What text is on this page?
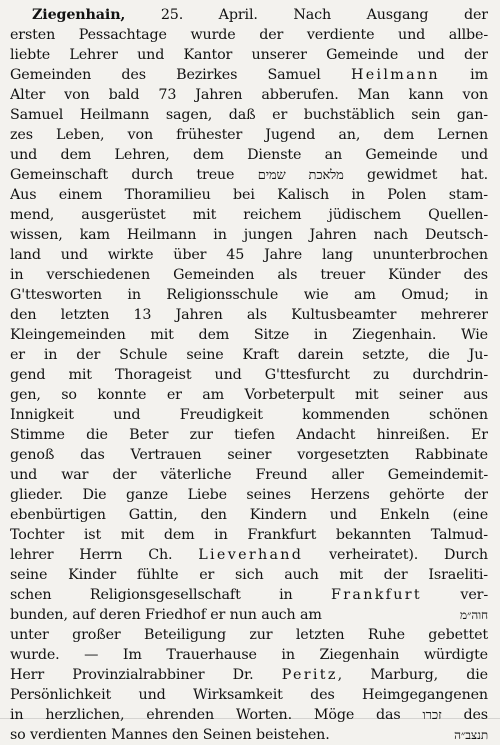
Ziegenhain, 25. April. Nach Ausgang der
ersten Pessachtage wurde der verdiente und allbe-
liebte Lehrer und Kantor unserer Gemeinde und der
Gemeinden des Bezirkes Samuel Heilmann im
Alter von bald 73 Jahren abberufen. Man kann von
Samuel Heilmann sagen, daß er buchstäblich sein gan-
zes Leben, von frühester Jugend an, dem Lernen
und dem Lehren, dem Dienste an Gemeinde und
Gemeinschaft durch treue מלאכת שמים gewidmet hat.
Aus einem Thoramilieu bei Kalisch in Polen stam-
mend, ausgerüstet mit reichem jüdischem Quellen-
wissen, kam Heilmann in jungen Jahren nach Deutsch-
land und wirkte über 45 Jahre lang ununterbrochen
in verschiedenen Gemeinden als treuer Künder des
G'ttesworten in Religionsschule wie am Omud; in
den letzten 13 Jahren als Kultusbeamter mehrerer
Kleingemeinden mit dem Sitze in Ziegenhain. Wie
er in der Schule seine Kraft darein setzte, die Ju-
gend mit Thorageist und G'ttesfurcht zu durchdrin-
gen, so konnte er am Vorbeterpult mit seiner aus
Innigkeit und Freudigkeit kommenden schönen
Stimme die Beter zur tiefen Andacht hinreißen. Er
genoß das Vertrauen seiner vorgesetzten Rabbinate
und war der väterliche Freund aller Gemeindemit-
glieder. Die ganze Liebe seines Herzens gehörte der
ebenbürtigen Gattin, den Kindern und Enkeln (eine
Tochter ist mit dem in Frankfurt bekannten Talmud-
lehrer Herrn Ch. Lieverhand verheiratet). Durch
seine Kinder fühlte er sich auch mit der Israeliti-
schen Religionsgesellschaft in Frankfurt ver-
bunden, auf deren Friedhof er nun auch am	חוה״מ
unter großer Beteiligung zur letzten Ruhe gebettet
wurde. — Im Trauerhause in Ziegenhain würdigte
Herr Provinzialrabbiner Dr. Peritz, Marburg, die
Persönlichkeit und Wirksamkeit des Heimgegangenen
in herzlichen, ehrenden Worten. Möge das זכרו des
so verdienten Mannes den Seinen beistehen.	תנצב״ה
